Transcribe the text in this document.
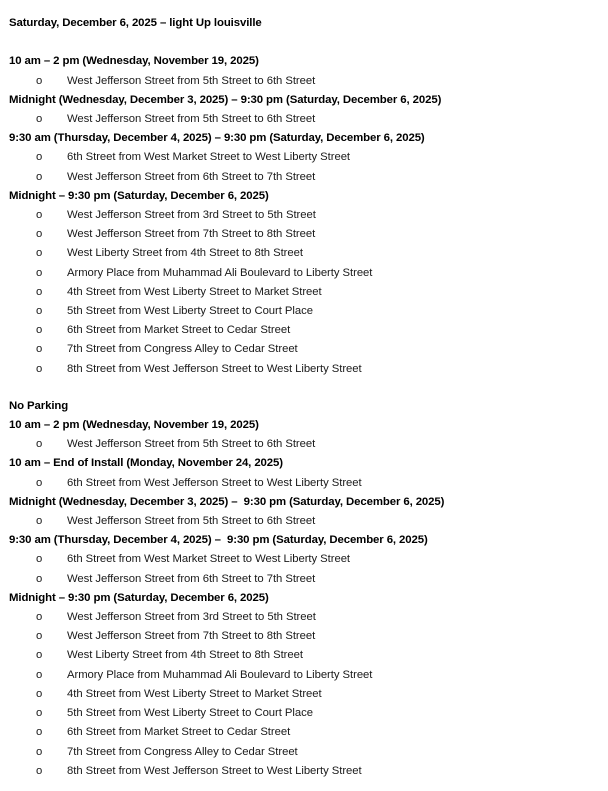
Saturday, December 6, 2025 – light Up louisville
10 am – 2 pm (Wednesday, November 19, 2025)
o	West Jefferson Street from 5th Street to 6th Street
Midnight (Wednesday, December 3, 2025) – 9:30 pm (Saturday, December 6, 2025)
o	West Jefferson Street from 5th Street to 6th Street
9:30 am (Thursday, December 4, 2025) – 9:30 pm (Saturday, December 6, 2025)
o	6th Street from West Market Street to West Liberty Street
o	West Jefferson Street from 6th Street to 7th Street
Midnight – 9:30 pm (Saturday, December 6, 2025)
o	West Jefferson Street from 3rd Street to 5th Street
o	West Jefferson Street from 7th Street to 8th Street
o	West Liberty Street from 4th Street to 8th Street
o	Armory Place from Muhammad Ali Boulevard to Liberty Street
o	4th Street from West Liberty Street to Market Street
o	5th Street from West Liberty Street to Court Place
o	6th Street from Market Street to Cedar Street
o	7th Street from Congress Alley to Cedar Street
o	8th Street from West Jefferson Street to West Liberty Street
No Parking
10 am – 2 pm (Wednesday, November 19, 2025)
o	West Jefferson Street from 5th Street to 6th Street
10 am – End of Install (Monday, November 24, 2025)
o	6th Street from West Jefferson Street to West Liberty Street
Midnight (Wednesday, December 3, 2025) –  9:30 pm (Saturday, December 6, 2025)
o	West Jefferson Street from 5th Street to 6th Street
9:30 am (Thursday, December 4, 2025) –  9:30 pm (Saturday, December 6, 2025)
o	6th Street from West Market Street to West Liberty Street
o	West Jefferson Street from 6th Street to 7th Street
Midnight – 9:30 pm (Saturday, December 6, 2025)
o	West Jefferson Street from 3rd Street to 5th Street
o	West Jefferson Street from 7th Street to 8th Street
o	West Liberty Street from 4th Street to 8th Street
o	Armory Place from Muhammad Ali Boulevard to Liberty Street
o	4th Street from West Liberty Street to Market Street
o	5th Street from West Liberty Street to Court Place
o	6th Street from Market Street to Cedar Street
o	7th Street from Congress Alley to Cedar Street
o	8th Street from West Jefferson Street to West Liberty Street
